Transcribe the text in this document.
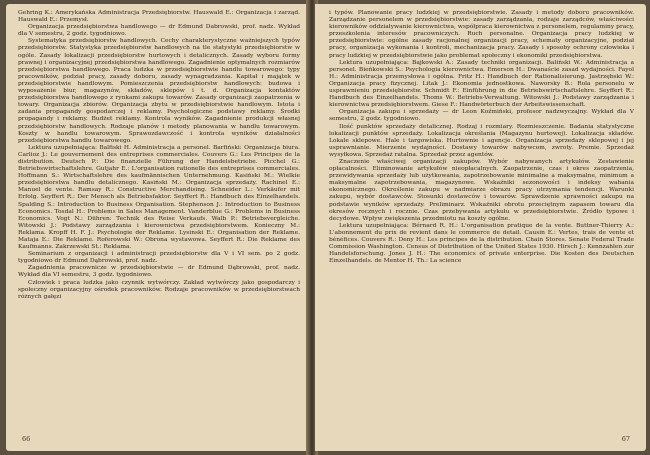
Gehring K.: Amerykańska Administracja Przedsiębiorstw. Hauswald E.: Organizacja i zarząd. Hauswald E.: Przemysł.

Organizacja przedsiębiorstwa handlowego — dr Edmund Dabrowski, prof. nadz. Wykład dla V semestru, 2 godz. tygodniowo.

Systematyka przedsiębiorstw handlowych. Cechy charakterystyczne ważniejszych typów przedsiębiorstw. Statystyka przedsiębiorstw handlowych na tle statystyki przedsiębiorstw w ogóle. Zasady lokalizacji przedsiębiorstw hurtowych i detalicznych. Zasady wyboru formy prawnej i organizacyjnej przedsiębiorstwa handlowego. Zagadnienie optymalnych rozmiarów przedsiębiorstwa handlowego. Praca ludzka w przedsiębiorstwie handlu towarowego: typy pracowników, podział pracy, zasady doboru, zasady wynagradzania. Kapitał i majątek w przedsiębiorstwie handlowym. Pomieszczenia przedsiębiorstw handlowych: budowa i wyposażenie biur, magazynów, składów, sklepów i t. d. Organizacja kontaktów przedsiębiorstwa handlowego z rynkami zakupu towarów. Zasady organizacji zaopatrzenia w towary. Organizacja zbiorów. Organizacja zbytu w przedsiębiorstwie handlowym. Istota i zadania propagandy gospodarczej i reklamy. Psychologiczne podstawy reklamy. Środki propagandy i reklamy. Budżet reklamy. Kontrola wyników. Zagadnienie produkcji własnej przedsiębiorstw handlowych. Rodzaje planów i metody planowania w handlu towarowym. Koszty w handlu towarowym. Sprawozdawczość i kontrola wyników działalności przedsiębiorstwa handlu towarowego.

Lektura uzupełniająca: Balfiski H. Administracja a personel. Barfiński: Organizacja biura. Carlioz J.: Le gouvernement des entreprises commerciales. Couvers G.: Les Principes de la distribution. Deutsch P.: Die finanzielle Führung der Handelsbetriebe. Picchel G.: Betriebswirtschaftslehre. Gutjahr E.: L'organisation rationelle des entreprises commerciales. Hoffmann S.: Wirtschaftslehre des kaufmännischen Unternehmung. Kasiński M.: Wielkie przedsiębiorstwa handlu detalicznego. Kasiński M.: Organizacja sprzedaży. Rachinel E.: Manuel de vente. Ramsay R.: Constructive Merchandising. Schneider L.: Verkäufer mit Erfolg. Seyffert R.: Der Mensch als Betriebsfaktor. Seyffert R.: Handbuch des Einzelhandels. Spalding S.: Introduction to Business Organisation. Stephenson J.: Introduction to Business Economics. Tosdal H.: Problems in Sales Management. Vanderblue G.: Problems in Business Economics. Vogt N.: Dühren: Technik des Reise Verkaufs. Walb P.: Betriebsvergleiche. Witowski J.: Podstawy zarządzania i kierownictwa przedsiębiorstwem. Konieczny M.: Reklama. Kropff H. F. J.: Psychologie der Reklame. Lysinski E.: Organisation der Reklame. Mataja E.: Die Reklame. Roferowski W.: Obrona wystawowa. Seyffert R.: Die Reklame des Kaufmanns. Zakrzewski St.: Reklama.

Seminarium z organizacji i administracji przedsiębiorstw dla V i VI sem. po 2 godz. tygodniowo dr Edmund Dąbrowski, prof. nadz.

Zagadnienia pracownicze w przedsiębiorstwie — dr Edmund Dąbrowski, prof. nadz. Wykład dla VI semestru, 3 godz. tygodniowo.

Człowiek i praca ludzka jako czynnik wytwórczy. Zakład wytwórczy jako gospodarczy i społeczny organizacyjny ośrodek pracowników. Rodzaje pracowników w przedsiębiorstwach różnych gałęzi

66

i typów. Planowanie pracy ludzkiej w przedsiębiorstwie. Zasady i metody doboru pracowników. Zarządzanie personelem w przedsiębiorstwie: zasady zarządzania, rodzaje zarządców, właściwości kierowników oddziaływanie kierownictwa, współpraca kierownictwa z personelem, regulaminy pracy, przeszkolenia interesów pracowniczych. Ruch personalne. Organizacja pracy ludzkiej w przedsiębiorstwie: ogólne zasady racjonalnej organizacji pracy, schematy organizacyjne, podział pracy, organizacja wykonania i kontroli, mechanizacja pracy. Zasady i sposoby ochrony człowieka i pracy ludzkiej w przedsiębiorstwie jako problemat społeczny i ekonomiki przedsiębiorstwa.

Lektura uzupełniająca: Bajkowski A.: Zasady techniki organizacji. Baliński W.: Administracja a personel. Bieńkowski S.: Psychologia kierownictwa. Emerson H.: Dwanaście zasad wydajności. Fayol H.: Administracja przemysłowa i ogólna. Fritz H.: Handbuch der Rationalisierung. Jastrzębski W.: Organizacja pracy fizycznej. Litak J.: Ekonomia jednostkowa. Naworsky B.: Rola personelu w usprawnieniu przedsiębiorstw. Schmidt F.: Einführung in die Betriebswirtschaftslehre. Seyffert R.: Handbuch des Einzelhandels. Thoms W.: Betriebs-Verwaltung. Witowski J.: Podstawy zarządzania i kierownictwa przedsiębiorstwem. Giese F.: Handwörterbuch der Arbeitswissenschaft.

Organizacja zakupu i sprzedaży — dr Leon Koźmiński, profesor nadzwyczajny. Wykład dla V semestru, 2 godz. tygodniowo.

Ilość punktów sprzedaży detalicznej. Rodzaj i rozmiary. Rozmieszczenie. Badania statystyczne lokalizacji punktów sprzedaży. Lokalizacja określania (Magazynu hurtowej). Lokalizacja składów. Lokale sklepowe. Hale i targowiska. Hurtownie i agencje. Organizacja sprzedaży sklepowej i jej usprawnianie. Mierzenie wydajności. Dostawy towarów nabywcom, zwroty. Premie. Sprzedaż wysyłkowa. Sprzedaż ratalna. Sprzedaż przez agentów.

Znaczenie właściwej organizacji zakupów. Wybór nabywanych artykułów. Zestawienie opłacalności. Eliminowanie artykułów nieopłacalnych. Zaopatrzenie, czas i okres zaopatrzenia, przewidywania sprzedaży lub użytkowania, zapotrzebowanie minimalne a maksymalne, minimum a maksymalne zapotrzebowania, magazynowe. Wskaźniki sezonowości i indeksy wahania ekonomicznego. Określenie zakupu w nadmiarze obrazu pracy utrzymania tendencji. Warunki zakupu, wybór dostawców. Stosunki dostawców i towarów. Sprawdzenie sprawności zakupu na podstawie wyników sprzedaży. Preliminarz. Wskaźniki obrotu przeciętnym zapasem towaru dla okresów rocznych i rocznie. Czas przebywania artykułu w przedsiębiorstwie. Źródło typowe i decydowe. Wpływ zwiększenia przedmiotu na koszty ogólne.

Lektura uzupełniająca: Bérnard R. H.: L'organisation pratique de la vente. Buttner-Thierry A.: L'abonnement du prix de revient dans le commerce de detail. Causin E.: Vertes, trais de vente et bénéfices. Couvers R.: Deny H.: Les principes de la distribution. Chain Stores. Senate Federal Trade Commission Washington. Census of Distribution of the United States 1930. Hirsch J.: Kennzahlen zur Handelsforschung. Jones J. H.: The economics of private enterprise. Die Kosten des Deutschen Einzelhandels. de Mentor H. Th.: La science

67
